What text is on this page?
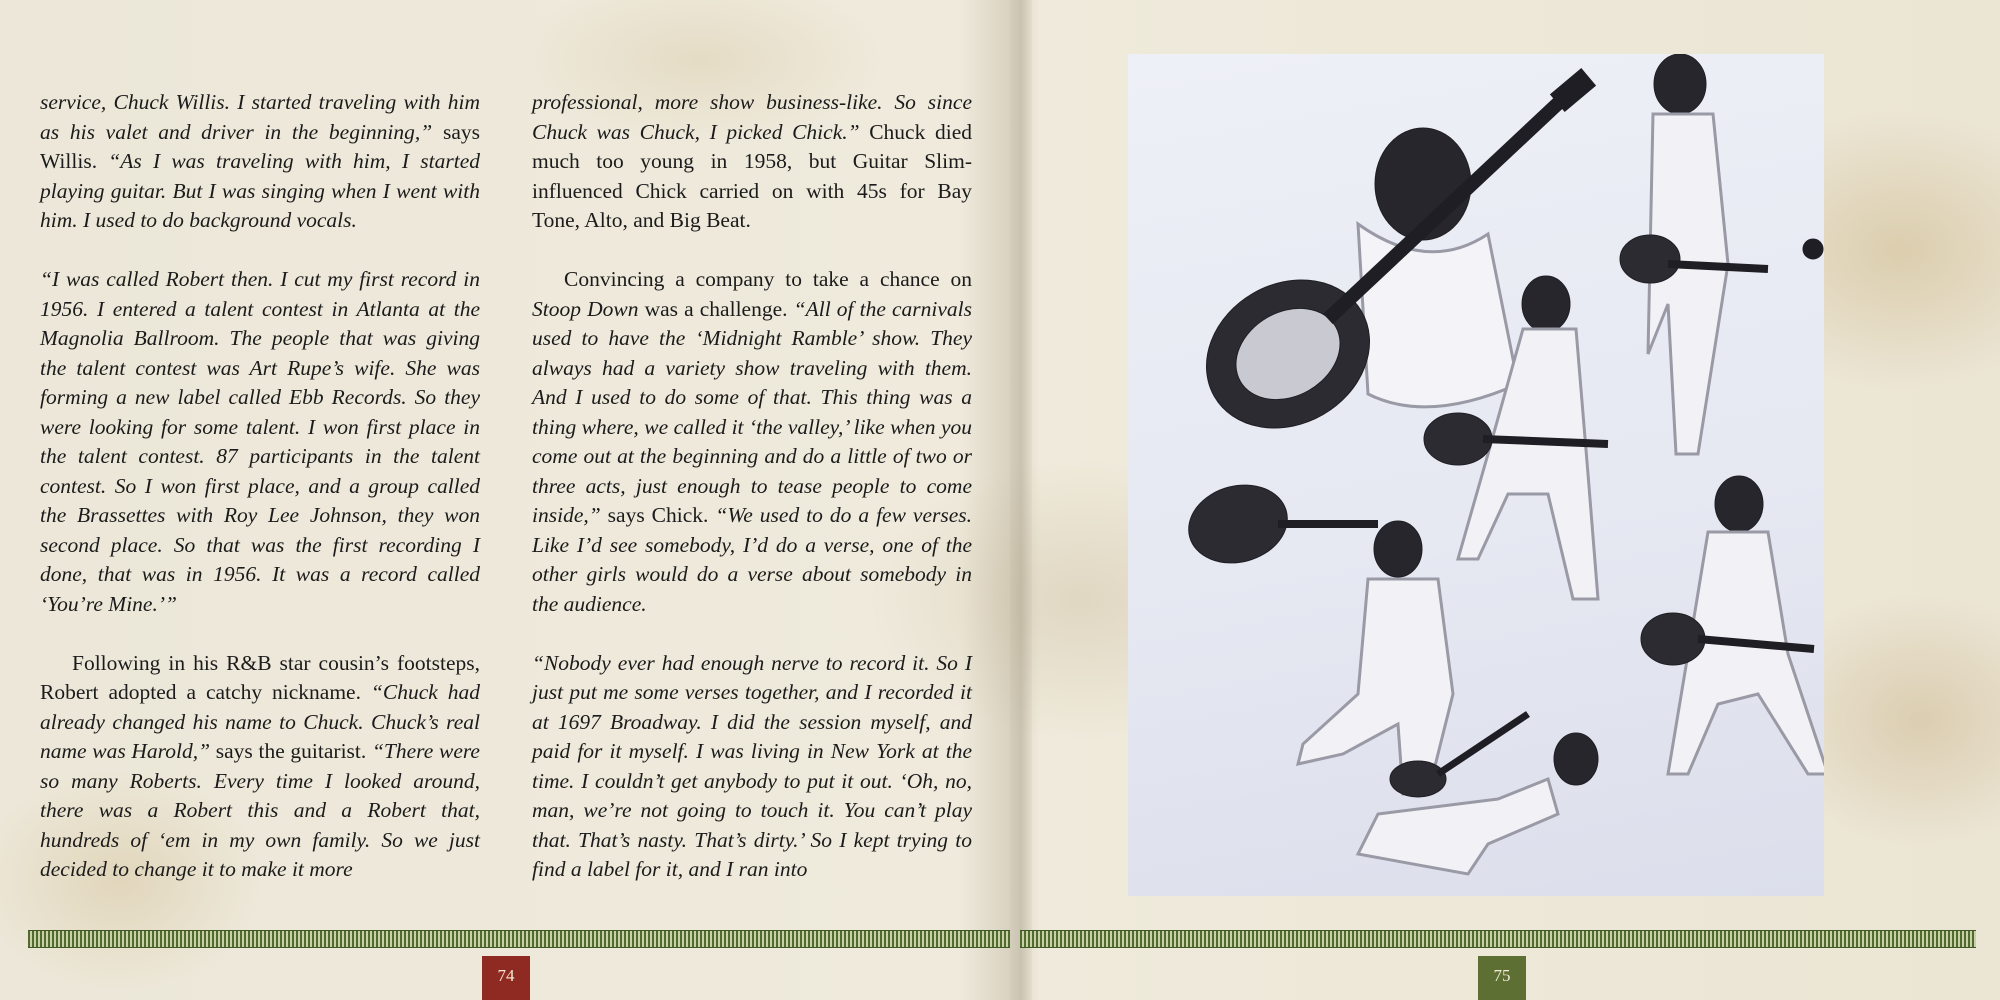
service, Chuck Willis. I started traveling with him as his valet and driver in the beginning,” says Willis. “As I was traveling with him, I started playing guitar. But I was singing when I went with him. I used to do background vocals.

“I was called Robert then. I cut my first record in 1956. I entered a talent contest in Atlanta at the Magnolia Ballroom. The people that was giving the talent contest was Art Rupe’s wife. She was forming a new label called Ebb Records. So they were looking for some talent. I won first place in the talent contest. 87 participants in the talent contest. So I won first place, and a group called the Brassettes with Roy Lee Johnson, they won second place. So that was the first recording I done, that was in 1956. It was a record called ‘You’re Mine.’”

Following in his R&B star cousin’s footsteps, Robert adopted a catchy nickname. “Chuck had already changed his name to Chuck. Chuck’s real name was Harold,” says the guitarist. “There were so many Roberts. Every time I looked around, there was a Robert this and a Robert that, hundreds of ‘em in my own family. So we just decided to change it to make it more

professional, more show business-like. So since Chuck was Chuck, I picked Chick.” Chuck died much too young in 1958, but Guitar Slim-influenced Chick carried on with 45s for Bay Tone, Alto, and Big Beat.

Convincing a company to take a chance on Stoop Down was a challenge. “All of the carnivals used to have the ‘Midnight Ramble’ show. They always had a variety show traveling with them. And I used to do some of that. This thing was a thing where, we called it ‘the valley,’ like when you come out at the beginning and do a little of two or three acts, just enough to tease people to come inside,” says Chick. “We used to do a few verses. Like I’d see somebody, I’d do a verse, one of the other girls would do a verse about somebody in the audience.

“Nobody ever had enough nerve to record it. So I just put me some verses together, and I recorded it at 1697 Broadway. I did the session myself, and paid for it myself. I was living in New York at the time. I couldn’t get anybody to put it out. ‘Oh, no, man, we’re not going to touch it. You can’t play that. That’s nasty. That’s dirty.’ So I kept trying to find a label for it, and I ran into

74	75
